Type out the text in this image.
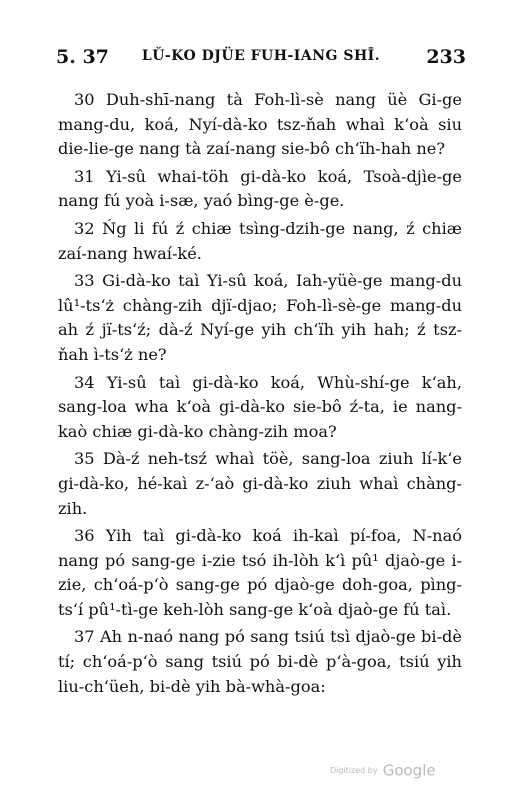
5. 37	LǓ-KO DJÜE FUH-IANG SHĪ.	233

30 Duh-shī-nang tà Foh-lì-sè nang üè Gi-ge mang-du, koá, Nyí-dà-ko tsz-ňah whaì k‘oà siu die-lie-ge nang tà zaí-nang sie-bô ch‘ïh-hah ne?

31 Yi-sû whai-töh gi-dà-ko koá, Tsoà-djìe-ge nang fú yoà i-sæ, yaó bìng-ge è-ge.

32 Ńg li fú ź chiæ tsìng-dzih-ge nang, ź chiæ zaí-nang hwaí-ké.

33 Gi-dà-ko taì Yi-sû koá, Iah-yüè-ge mang-du lû¹-ts‘ż chàng-zih djï-djao; Foh-lì-sè-ge mang-du ah ź jï-ts‘ź; dà-ź Nyí-ge yih ch‘ïh yih hah; ź tsz-ňah ì-ts‘ż ne?

34 Yi-sû taì gi-dà-ko koá, Whù-shí-ge k‘ah, sang-loa wha k‘oà gi-dà-ko sie-bô ź-ta, ie nang-kaò chiæ gi-dà-ko chàng-zih moa?

35 Dà-ź neh-tsź whaì töè, sang-loa ziuh lí-k‘e gi-dà-ko, hé-kaì z-‘aò gi-dà-ko ziuh whaì chàng-zih.

36 Yih taì gi-dà-ko koá ih-kaì pí-foa, N-naó nang pó sang-ge i-zie tsó ih-lòh k‘ì pû¹ djaò-ge i-zie, ch‘oá-p‘ò sang-ge pó djaò-ge doh-goa, pìng-ts‘í pû¹-tì-ge keh-lòh sang-ge k‘oà djaò-ge fú taì.

37 Ah n-naó nang pó sang tsiú tsì djaò-ge bi-dè tí; ch‘oá-p‘ò sang tsiú pó bi-dè p‘à-goa, tsiú yih liu-ch‘üeh, bi-dè yih bà-whà-goa:

Digitized by Google
